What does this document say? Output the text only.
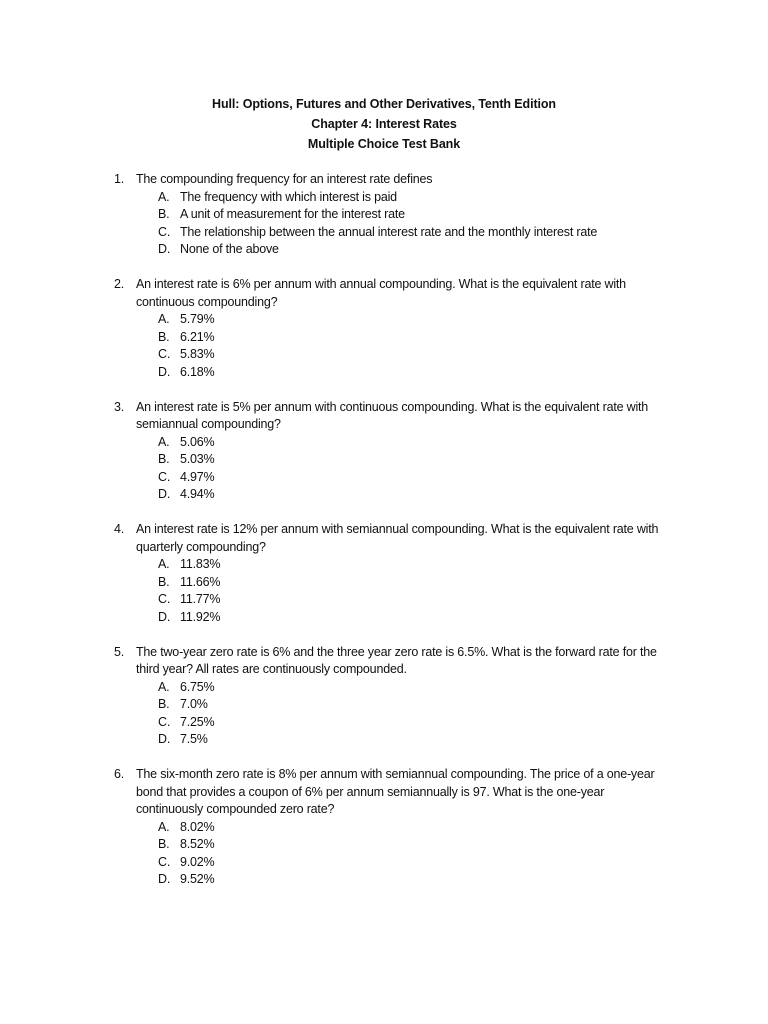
Hull: Options, Futures and Other Derivatives, Tenth Edition
Chapter 4: Interest Rates
Multiple Choice Test Bank
1. The compounding frequency for an interest rate defines
A. The frequency with which interest is paid
B. A unit of measurement for the interest rate
C. The relationship between the annual interest rate and the monthly interest rate
D. None of the above
2. An interest rate is 6% per annum with annual compounding. What is the equivalent rate with continuous compounding?
A. 5.79%
B. 6.21%
C. 5.83%
D. 6.18%
3. An interest rate is 5% per annum with continuous compounding. What is the equivalent rate with semiannual compounding?
A. 5.06%
B. 5.03%
C. 4.97%
D. 4.94%
4. An interest rate is 12% per annum with semiannual compounding. What is the equivalent rate with quarterly compounding?
A. 11.83%
B. 11.66%
C. 11.77%
D. 11.92%
5. The two-year zero rate is 6% and the three year zero rate is 6.5%. What is the forward rate for the third year? All rates are continuously compounded.
A. 6.75%
B. 7.0%
C. 7.25%
D. 7.5%
6. The six-month zero rate is 8% per annum with semiannual compounding. The price of a one-year bond that provides a coupon of 6% per annum semiannually is 97. What is the one-year continuously compounded zero rate?
A. 8.02%
B. 8.52%
C. 9.02%
D. 9.52%
